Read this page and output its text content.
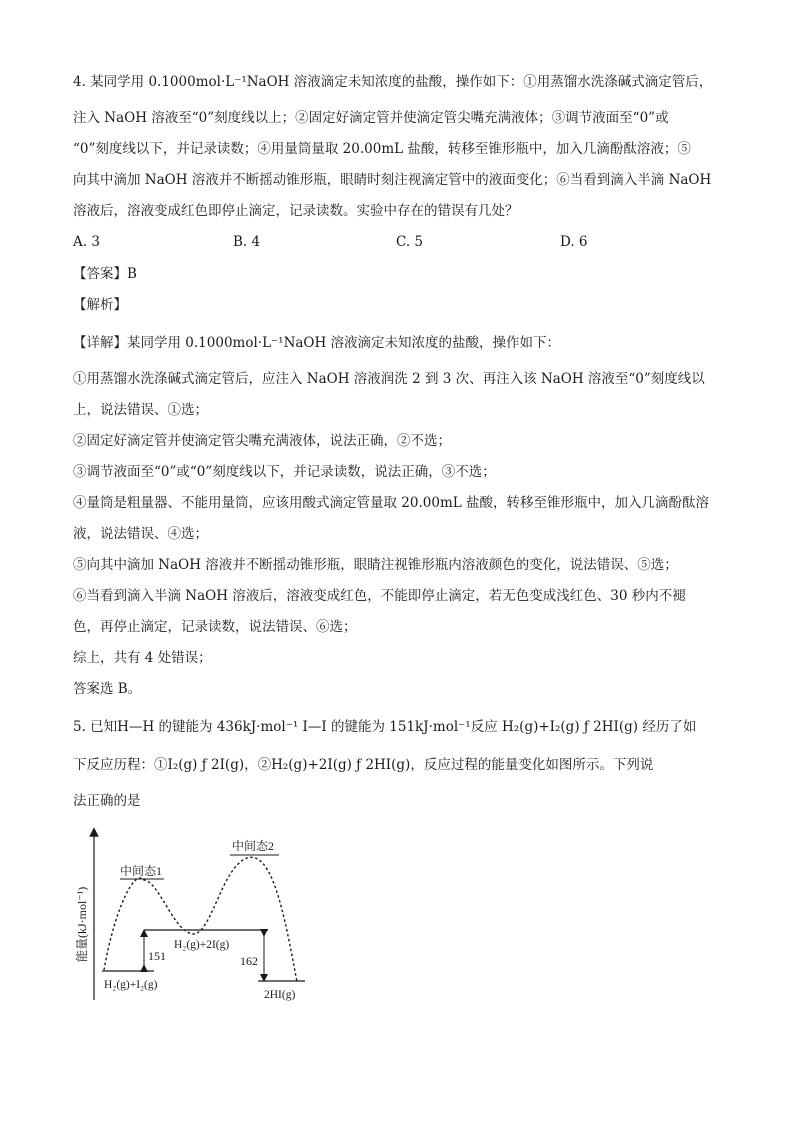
4. 某同学用 0.1000mol·L⁻¹NaOH 溶液滴定未知浓度的盐酸，操作如下：①用蒸馏水洗涤碱式滴定管后，
注入 NaOH 溶液至“0”刻度线以上；②固定好滴定管并使滴定管尖嘴充满液体；③调节液面至“0”或
“0”刻度线以下，并记录读数；④用量筒量取 20.00mL 盐酸，转移至锥形瓶中，加入几滴酚酞溶液；⑤
向其中滴加 NaOH 溶液并不断摇动锥形瓶，眼睛时刻注视滴定管中的液面变化；⑥当看到滴入半滴 NaOH
溶液后，溶液变成红色即停止滴定，记录读数。实验中存在的错误有几处？
A. 3	B. 4	C. 5	D. 6
【答案】B
【解析】
【详解】某同学用 0.1000mol·L⁻¹NaOH 溶液滴定未知浓度的盐酸，操作如下：
①用蒸馏水洗涤碱式滴定管后，应注入 NaOH 溶液润洗 2 到 3 次、再注入该 NaOH 溶液至“0”刻度线以
上，说法错误、①选；
②固定好滴定管并使滴定管尖嘴充满液体，说法正确，②不选；
③调节液面至“0”或“0”刻度线以下，并记录读数，说法正确，③不选；
④量筒是粗量器、不能用量筒，应该用酸式滴定管量取 20.00mL 盐酸，转移至锥形瓶中，加入几滴酚酞溶
液，说法错误、④选；
⑤向其中滴加 NaOH 溶液并不断摇动锥形瓶，眼睛注视锥形瓶内溶液颜色的变化，说法错误、⑤选；
⑥当看到滴入半滴 NaOH 溶液后，溶液变成红色，不能即停止滴定，若无色变成浅红色、30 秒内不褪
色，再停止滴定，记录读数，说法错误、⑥选；
综上，共有 4 处错误；
答案选 B。
5. 已知H—H 的键能为 436kJ·mol⁻¹ I—I 的键能为 151kJ·mol⁻¹反应 H₂(g)+I₂(g) ƒ 2HI(g) 经历了如
下反应历程：①I₂(g) ƒ 2I(g)，②H₂(g)+2I(g) ƒ 2HI(g)，反应过程的能量变化如图所示。下列说
法正确的是
能量(kJ·mol⁻¹)
中间态1
中间态2
H₂(g)+2I(g)
H₂(g)+I₂(g)
2HI(g)
151	162
